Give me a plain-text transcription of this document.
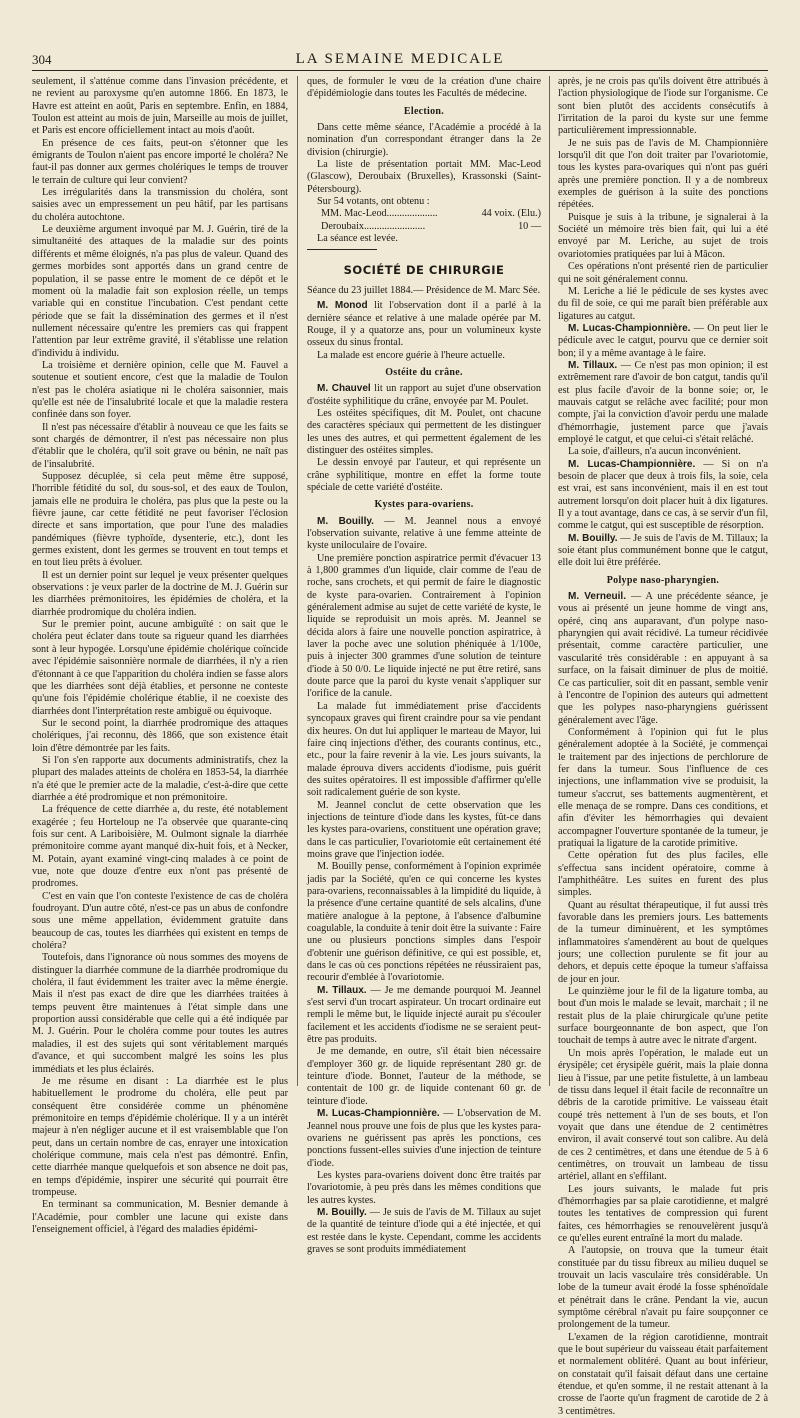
304	LA SEMAINE MEDICALE

seulement, il s'atténue comme dans l'invasion précédente, et ne revient au paroxysme qu'en automne 1866. En 1873, le Havre est atteint en août, Paris en septembre. Enfin, en 1884, Toulon est atteint au mois de juin, Marseille au mois de juillet, et Paris est encore officiellement intact au mois d'août.

En présence de ces faits, peut-on s'étonner que les émigrants de Toulon n'aient pas encore importé le choléra? Ne faut-il pas donner aux germes cholériques le temps de trouver le terrain de culture qui leur convient?

Les irrégularités dans la transmission du choléra, sont saisies avec un empressement un peu hâtif, par les partisans du choléra autochtone.

Le deuxième argument invoqué par M. J. Guérin, tiré de la simultanéité des attaques de la maladie sur des points différents et même éloignés, n'a pas plus de valeur. Quand des germes morbides sont apportés dans un grand centre de population, il se passe entre le moment de ce dépôt et le moment où la maladie fait son explosion réelle, un temps variable qui en constitue l'incubation. C'est pendant cette période que se fait la dissémination des germes et il n'est nullement nécessaire qu'entre les premiers cas qui frappent l'attention par leur extrême gravité, il s'établisse une relation d'individu à individu.

La troisième et dernière opinion, celle que M. Fauvel a soutenue et soutient encore, c'est que la maladie de Toulon n'est pas le choléra asiatique ni le choléra saisonnier, mais qu'elle est née de l'insalubrité locale et que la maladie restera confinée dans son foyer.

Il n'est pas nécessaire d'établir à nouveau ce que les faits se sont chargés de démontrer, il n'est pas nécessaire non plus d'établir que le choléra, qu'il soit grave ou bénin, ne naît pas de l'insalubrité.

Supposez décuplée, si cela peut même être supposé, l'horrible fétidité du sol, du sous-sol, et des eaux de Toulon, jamais elle ne produira le choléra, pas plus que la peste ou la fièvre jaune, car cette fétidité ne peut favoriser l'éclosion directe et sans importation, que pour l'une des maladies pandémiques (fièvre typhoïde, dysenterie, etc.), dont les germes existent, dont les germes se trouvent en tout temps et en tout lieu prêts à évoluer.

Il est un dernier point sur lequel je veux présenter quelques observations : je veux parler de la doctrine de M. J. Guérin sur les diarrhées prémonitoires, les épidémies de choléra, et la diarrhée prodromique du choléra indien.

Sur le premier point, aucune ambiguïté : on sait que le choléra peut éclater dans toute sa rigueur quand les diarrhées sont à leur hypogée. Lorsqu'une épidémie cholérique coïncide avec l'épidémie saisonnière normale de diarrhées, il n'y a rien d'étonnant à ce que l'apparition du choléra indien se fasse alors que les diarrhées sont déjà établies, et personne ne conteste qu'une fois l'épidémie cholérique établie, il ne coexiste des diarrhées dont l'interprétation reste ambiguë ou équivoque.

Sur le second point, la diarrhée prodromique des attaques cholériques, j'ai reconnu, dès 1866, que son existence était loin d'être démontrée par les faits.

Si l'on s'en rapporte aux documents administratifs, chez la plupart des malades atteints de choléra en 1853-54, la diarrhée n'a été que le premier acte de la maladie, c'est-à-dire que cette diarrhée a été prodromique et non prémonitoire.

La fréquence de cette diarrhée a, du reste, été notablement exagérée ; feu Horteloup ne l'a observée que quarante-cinq fois sur cent. A Lariboisière, M. Oulmont signale la diarrhée prémonitoire comme ayant manqué dix-huit fois, et à Necker, M. Potain, ayant examiné vingt-cinq malades à ce point de vue, note que douze d'entre eux n'ont pas présenté de prodromes.

C'est en vain que l'on conteste l'existence de cas de choléra foudroyant. D'un autre côté, n'est-ce pas un abus de confondre sous une même appellation, évidemment gratuite dans beaucoup de cas, toutes les diarrhées qui existent en temps de choléra?

Toutefois, dans l'ignorance où nous sommes des moyens de distinguer la diarrhée commune de la diarrhée prodromique du choléra, il faut évidemment les traiter avec la même énergie. Mais il n'est pas exact de dire que les diarrhées traitées à temps peuvent être maintenues à l'état simple dans une proportion aussi considérable que celle qui a été indiquée par M. J. Guérin. Pour le choléra comme pour toutes les autres maladies, il est des sujets qui sont véritablement marqués d'avance, et qui succombent malgré les soins les plus immédiats et les plus éclairés.

Je me résume en disant : La diarrhée est le plus habituellement le prodrome du choléra, elle peut par conséquent être considérée comme un phénomène prémonitoire en temps d'épidémie cholérique. Il y a un intérêt majeur à n'en négliger aucune et il est vraisemblable que l'on peut, dans un certain nombre de cas, enrayer une intoxication cholérique commune, mais cela n'est pas démontré. Enfin, cette diarrhée manque quelquefois et son absence ne doit pas, en temps d'épidémie, inspirer une sécurité qui pourrait être trompeuse.

En terminant sa communication, M. Besnier demande à l'Académie, pour combler une lacune qui existe dans l'enseignement officiel, à l'égard des maladies épidémi-

ques, de formuler le vœu de la création d'une chaire d'épidémiologie dans toutes les Facultés de médecine.

Election.

Dans cette même séance, l'Académie a procédé à la nomination d'un correspondant étranger dans la 2e division (chirurgie).

La liste de présentation portait MM. Mac-Leod (Glascow), Deroubaix (Bruxelles), Krassonski (Saint-Pétersbourg).

Sur 54 votants, ont obtenu :

MM. Mac-Leod....................	44 voix. (Elu.)
Deroubaix........................	10 —

La séance est levée.

SOCIÉTÉ DE CHIRURGIE

Séance du 23 juillet 1884.— Présidence de M. Marc Sée.

M. Monod lit l'observation dont il a parlé à la dernière séance et relative à une malade opérée par M. Rouge, il y a quatorze ans, pour un volumineux kyste osseux du sinus frontal.

La malade est encore guérie à l'heure actuelle.

Ostéite du crâne.

M. Chauvel lit un rapport au sujet d'une observation d'ostéite syphilitique du crâne, envoyée par M. Poulet.

Les ostéites spécifiques, dit M. Poulet, ont chacune des caractères spéciaux qui permettent de les distinguer les unes des autres, et qui permettent également de les distinguer des ostéites simples.

Le dessin envoyé par l'auteur, et qui représente un crâne syphilitique, montre en effet la forme toute spéciale de cette variété d'ostéite.

Kystes para-ovariens.

M. Bouilly. — M. Jeannel nous a envoyé l'observation suivante, relative à une femme atteinte de kyste uniloculaire de l'ovaire.

Une première ponction aspiratrice permit d'évacuer 13 à 1,800 grammes d'un liquide, clair comme de l'eau de roche, sans crochets, et qui permit de faire le diagnostic de kyste para-ovarien. Contrairement à l'opinion généralement admise au sujet de cette variété de kyste, le liquide se reproduisit un mois après. M. Jeannel se décida alors à faire une nouvelle ponction aspiratrice, à laver la poche avec une solution phéniquée à 1/100e, puis à injecter 300 grammes d'une solution de teinture d'iode à 50 0/0. Le liquide injecté ne put être retiré, sans doute parce que la paroi du kyste venait s'appliquer sur l'orifice de la canule.

La malade fut immédiatement prise d'accidents syncopaux graves qui firent craindre pour sa vie pendant dix heures. On dut lui appliquer le marteau de Mayor, lui faire cinq injections d'éther, des courants continus, etc., etc., pour la faire revenir à la vie. Les jours suivants, la malade éprouva divers accidents d'iodisme, puis guérit des suites opératoires. Il est impossible d'affirmer qu'elle soit radicalement guérie de son kyste.

M. Jeannel conclut de cette observation que les injections de teinture d'iode dans les kystes, fût-ce dans les kystes para-ovariens, constituent une opération grave; dans le cas particulier, l'ovariotomie eût certainement été moins grave que l'injection iodée.

M. Bouilly pense, conformément à l'opinion exprimée jadis par la Société, qu'en ce qui concerne les kystes para-ovariens, reconnaissables à la limpidité du liquide, à la présence d'une certaine quantité de sels alcalins, d'une matière analogue à la peptone, à l'absence d'albumine coagulable, la conduite à tenir doit être la suivante : Faire une ou plusieurs ponctions simples dans l'espoir d'obtenir une guérison définitive, ce qui est possible, et, dans le cas où ces ponctions répétées ne réussiraient pas, recourir d'emblée à l'ovariotomie.

M. Tillaux. — Je me demande pourquoi M. Jeannel s'est servi d'un trocart aspirateur. Un trocart ordinaire eut rempli le même but, le liquide injecté aurait pu s'écouler facilement et les accidents d'iodisme ne se seraient peut-être pas produits.

Je me demande, en outre, s'il était bien nécessaire d'employer 360 gr. de liquide représentant 280 gr. de teinture d'iode. Bonnet, l'auteur de la méthode, se contentait de 100 gr. de liquide contenant 60 gr. de teinture d'iode.

M. Lucas-Championnière. — L'observation de M. Jeannel nous prouve une fois de plus que les kystes para-ovariens ne guérissent pas après les ponctions, ces ponctions fussent-elles suivies d'une injection de teinture d'iode.

Les kystes para-ovariens doivent donc être traités par l'ovariotomie, à peu près dans les mêmes conditions que les autres kystes.

M. Bouilly. — Je suis de l'avis de M. Tillaux au sujet de la quantité de teinture d'iode qui a été injectée, et qui est restée dans le kyste. Cependant, comme les accidents graves se sont produits immédiatement

après, je ne crois pas qu'ils doivent être attribués à l'action physiologique de l'iode sur l'organisme. Ce sont bien plutôt des accidents consécutifs à l'irritation de la paroi du kyste sur une femme particulièrement impressionnable.

Je ne suis pas de l'avis de M. Championnière lorsqu'il dit que l'on doit traiter par l'ovariotomie, tous les kystes para-ovariques qui n'ont pas guéri après une première ponction. Il y a de nombreux exemples de guérison à la suite des ponctions répétées.

Puisque je suis à la tribune, je signalerai à la Société un mémoire très bien fait, qui lui a été envoyé par M. Leriche, au sujet de trois ovariotomies pratiquées par lui à Mâcon.

Ces opérations n'ont présenté rien de particulier qui ne soit généralement connu.

M. Leriche a lié le pédicule de ses kystes avec du fil de soie, ce qui me paraît bien préférable aux ligatures au catgut.

M. Lucas-Championnière. — On peut lier le pédicule avec le catgut, pourvu que ce dernier soit bon; il y a même avantage à le faire.

M. Tillaux. — Ce n'est pas mon opinion; il est extrêmement rare d'avoir de bon catgut, tandis qu'il est plus facile d'avoir de la bonne soie; or, le mauvais catgut se relâche avec facilité; pour mon compte, j'ai la conviction d'avoir perdu une malade d'hémorrhagie, justement parce que j'avais employé le catgut, et que celui-ci s'était relâché.

La soie, d'ailleurs, n'a aucun inconvénient.

M. Lucas-Championnière. — Si on n'a besoin de placer que deux à trois fils, la soie, cela est vrai, est sans inconvénient, mais il en est tout autrement lorsqu'on doit placer huit à dix ligatures. Il y a tout avantage, dans ce cas, à se servir d'un fil, comme le catgut, qui est susceptible de résorption.

M. Bouilly. — Je suis de l'avis de M. Tillaux; la soie étant plus communément bonne que le catgut, elle doit lui être préférée.

Polype naso-pharyngien.

M. Verneuil. — A une précédente séance, je vous ai présenté un jeune homme de vingt ans, opéré, cinq ans auparavant, d'un polype naso-pharyngien qui avait récidivé. La tumeur récidivée présentait, comme caractère particulier, une vascularité très considérable : en appuyant à sa surface, on la faisait diminuer de plus de moitié. Ce cas particulier, soit dit en passant, semble venir à l'encontre de l'opinion des auteurs qui admettent que les polypes naso-pharyngiens guérissent généralement avec l'âge.

Conformément à l'opinion qui fut le plus généralement adoptée à la Société, je commençai le traitement par des injections de perchlorure de fer dans la tumeur. Sous l'influence de ces injections, une inflammation vive se produisit, la tumeur s'accrut, ses battements augmentèrent, et elle menaça de se rompre. Dans ces conditions, et afin d'éviter les hémorrhagies qui devaient accompagner l'ouverture spontanée de la tumeur, je pratiquai la ligature de la carotide primitive.

Cette opération fut des plus faciles, elle s'effectua sans incident opératoire, comme à l'amphithéâtre. Les suites en furent des plus simples.

Quant au résultat thérapeutique, il fut aussi très favorable dans les premiers jours. Les battements de la tumeur diminuèrent, et les symptômes inflammatoires s'amendèrent au bout de quelques jours; une collection purulente se fit jour au dehors, et depuis cette époque la tumeur s'affaissa de jour en jour.

Le quinzième jour le fil de la ligature tomba, au bout d'un mois le malade se levait, marchait ; il ne restait plus de la plaie chirurgicale qu'une petite surface bourgeonnante de bon aspect, que l'on touchait de temps à autre avec le nitrate d'argent.

Un mois après l'opération, le malade eut un érysipèle; cet érysipèle guérit, mais la plaie donna lieu à l'issue, par une petite fistulette, à un lambeau de tissu dans lequel il était facile de reconnaître un débris de la carotide primitive. Le vaisseau était coupé très nettement à l'un de ses bouts, et l'on voyait que dans une étendue de 2 centimètres environ, il avait conservé tout son calibre. Au delà de ces 2 centimètres, et dans une étendue de 5 à 6 centimètres, on trouvait un lambeau de tissu artériel, allant en s'effilant.

Les jours suivants, le malade fut pris d'hémorrhagies par sa plaie carotidienne, et malgré toutes les tentatives de compression qui furent faites, ces hémorrhagies se renouvelèrent jusqu'à ce qu'elles eurent entraîné la mort du malade.

A l'autopsie, on trouva que la tumeur était constituée par du tissu fibreux au milieu duquel se trouvait un lacis vasculaire très considérable. Un lobe de la tumeur avait érodé la fosse sphénoïdale et pénétrait dans le crâne. Pendant la vie, aucun symptôme cérébral n'avait pu faire soupçonner ce prolongement de la tumeur.

L'examen de la région carotidienne, montrait que le bout supérieur du vaisseau était parfaitement et normalement oblitéré. Quant au bout inférieur, on constatait qu'il faisait défaut dans une certaine étendue, et qu'en somme, il ne restait attenant à la crosse de l'aorte qu'un fragment de carotide de 2 à 3 centimètres.
